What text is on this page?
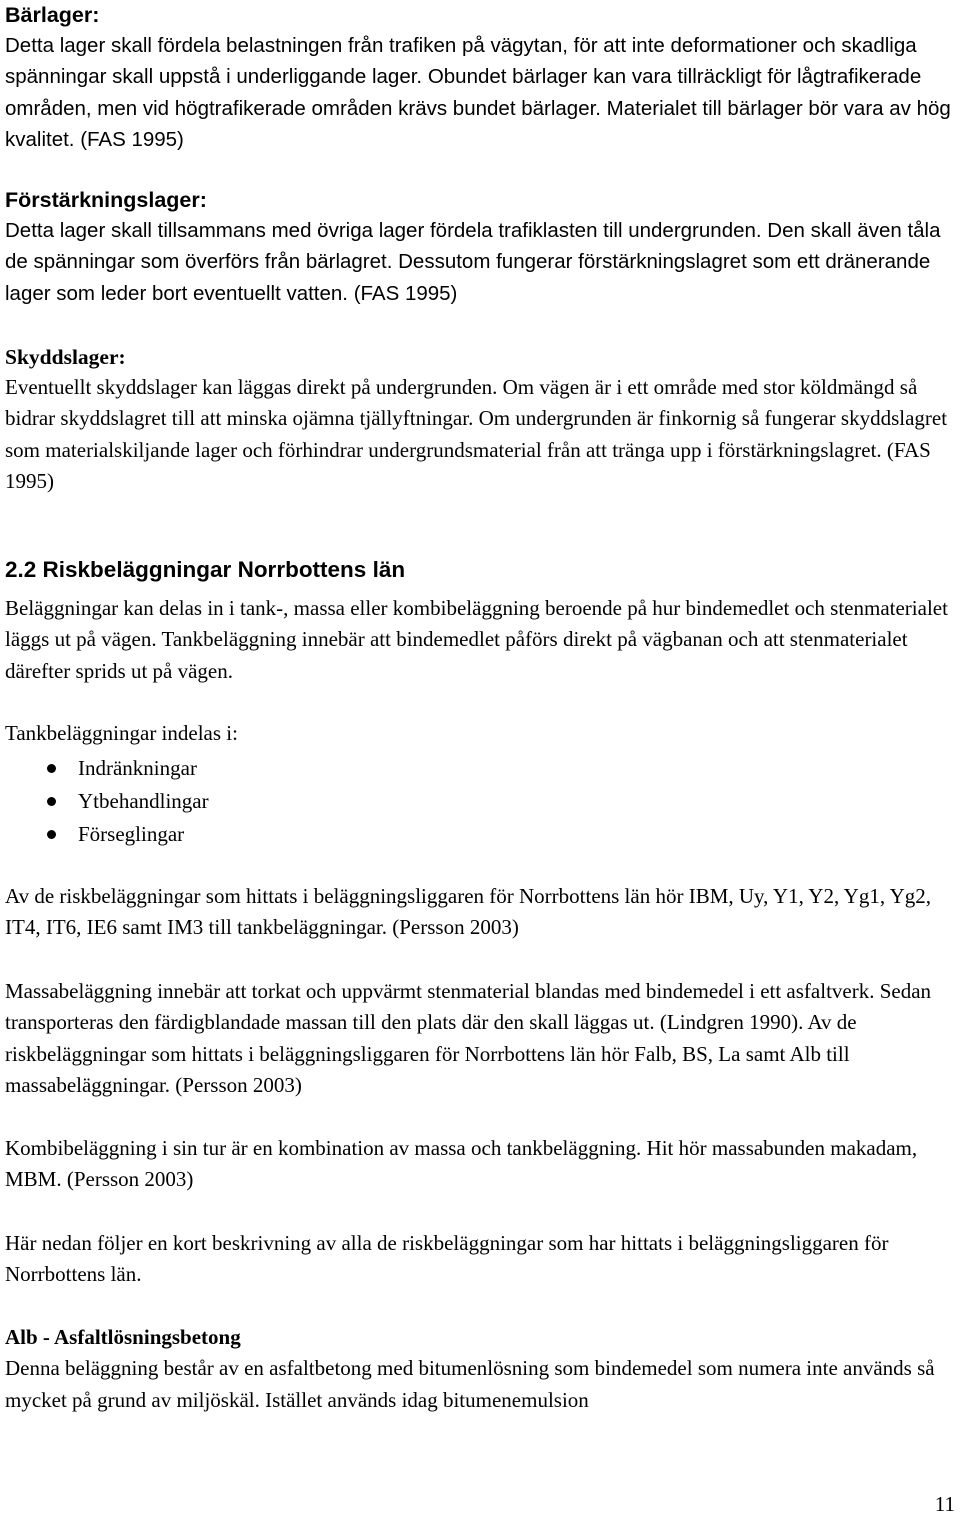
Bärlager:

Detta lager skall fördela belastningen från trafiken på vägytan, för att inte deformationer och skadliga spänningar skall uppstå i underliggande lager. Obundet bärlager kan vara tillräckligt för lågtrafikerade områden, men vid högtrafikerade områden krävs bundet bärlager. Materialet till bärlager bör vara av hög kvalitet. (FAS 1995)

Förstärkningslager:

Detta lager skall tillsammans med övriga lager fördela trafiklasten till undergrunden. Den skall även tåla de spänningar som överförs från bärlagret. Dessutom fungerar förstärkningslagret som ett dränerande lager som leder bort eventuellt vatten. (FAS 1995)

Skyddslager:

Eventuellt skyddslager kan läggas direkt på undergrunden. Om vägen är i ett område med stor köldmängd så bidrar skyddslagret till att minska ojämna tjällyftningar. Om undergrunden är finkornig så fungerar skyddslagret som materialskiljande lager och förhindrar undergrundsmaterial från att tränga upp i förstärkningslagret. (FAS 1995)

2.2 Riskbeläggningar Norrbottens län

Beläggningar kan delas in i tank-, massa eller kombibeläggning beroende på hur bindemedlet och stenmaterialet läggs ut på vägen. Tankbeläggning innebär att bindemedlet påförs direkt på vägbanan och att stenmaterialet därefter sprids ut på vägen.

Tankbeläggningar indelas i:

Indränkningar
Ytbehandlingar
Förseglingar

Av de riskbeläggningar som hittats i beläggningsliggaren för Norrbottens län hör IBM, Uy, Y1, Y2, Yg1, Yg2, IT4, IT6, IE6 samt IM3 till tankbeläggningar. (Persson 2003)

Massabeläggning innebär att torkat och uppvärmt stenmaterial blandas med bindemedel i ett asfaltverk. Sedan transporteras den färdigblandade massan till den plats där den skall läggas ut. (Lindgren 1990). Av de riskbeläggningar som hittats i beläggningsliggaren för Norrbottens län hör Falb, BS, La samt Alb till massabeläggningar. (Persson 2003)

Kombibeläggning i sin tur är en kombination av massa och tankbeläggning. Hit hör massabunden makadam, MBM. (Persson 2003)

Här nedan följer en kort beskrivning av alla de riskbeläggningar som har hittats i beläggningsliggaren för Norrbottens län.

Alb - Asfaltlösningsbetong

Denna beläggning består av en asfaltbetong med bitumenlösning som bindemedel som numera inte används så mycket på grund av miljöskäl. Istället används idag bitumenemulsion

11
